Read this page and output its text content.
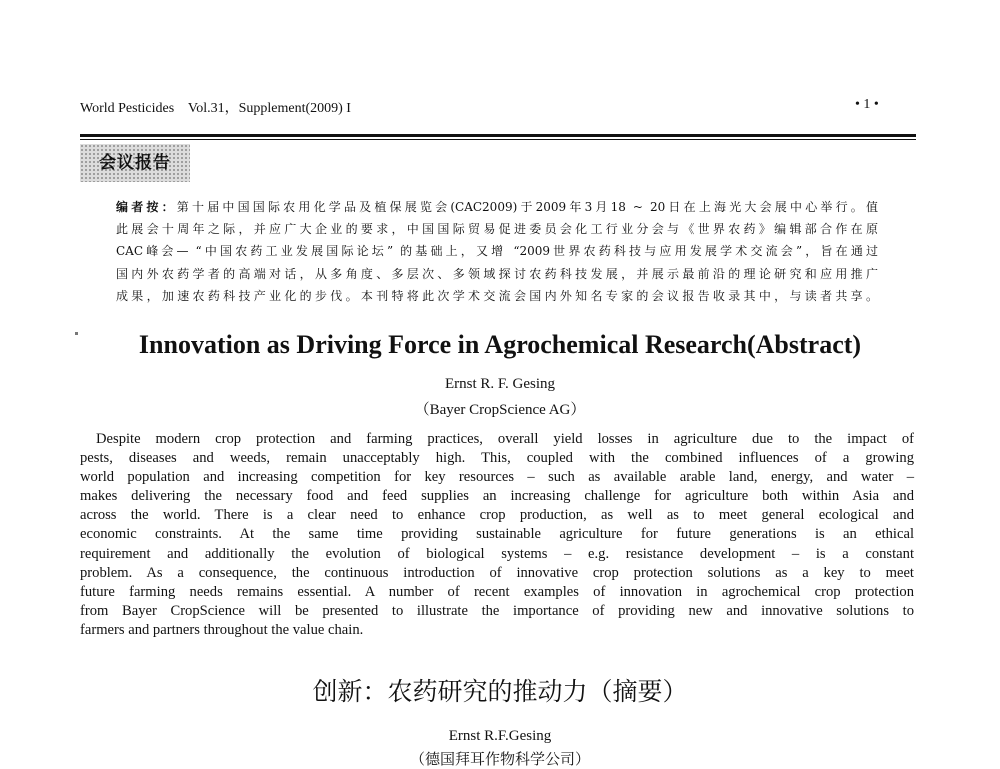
World Pesticides Vol.31，Supplement(2009) I	• 1 •
会议报告
编者按：第十届中国国际农用化学品及植保展览会(CAC2009)于2009年3月18 ~ 20日在上海光大会展中心举行。值
此展会十周年之际，并应广大企业的要求，中国国际贸易促进委员会化工行业分会与《世界农药》编辑部合作在原
CAC峰会— “中国农药工业发展国际论坛” 的基础上，又增 “2009世界农药科技与应用发展学术交流会”，旨在通过
国内外农药学者的高端对话，从多角度、多层次、多领域探讨农药科技发展，并展示最前沿的理论研究和应用推广
成果，加速农药科技产业化的步伐。本刊特将此次学术交流会国内外知名专家的会议报告收录其中，与读者共享。
Innovation as Driving Force in Agrochemical Research(Abstract)
Ernst R. F. Gesing
（Bayer CropScience AG）
Despite modern crop protection and farming practices, overall yield losses in agriculture due to the impact of
pests, diseases and weeds, remain unacceptably high. This, coupled with the combined influences of a growing
world population and increasing competition for key resources – such as available arable land, energy, and water –
makes delivering the necessary food and feed supplies an increasing challenge for agriculture both within Asia and
across the world. There is a clear need to enhance crop production, as well as to meet general ecological and
economic constraints. At the same time providing sustainable agriculture for future generations is an ethical
requirement and additionally the evolution of biological systems – e.g. resistance development – is a constant
problem. As a consequence, the continuous introduction of innovative crop protection solutions as a key to meet
future farming needs remains essential. A number of recent examples of innovation in agrochemical crop protection
from Bayer CropScience will be presented to illustrate the importance of providing new and innovative solutions to
farmers and partners throughout the value chain.
创新：农药研究的推动力（摘要）
Ernst R.F.Gesing
（德国拜耳作物科学公司）
